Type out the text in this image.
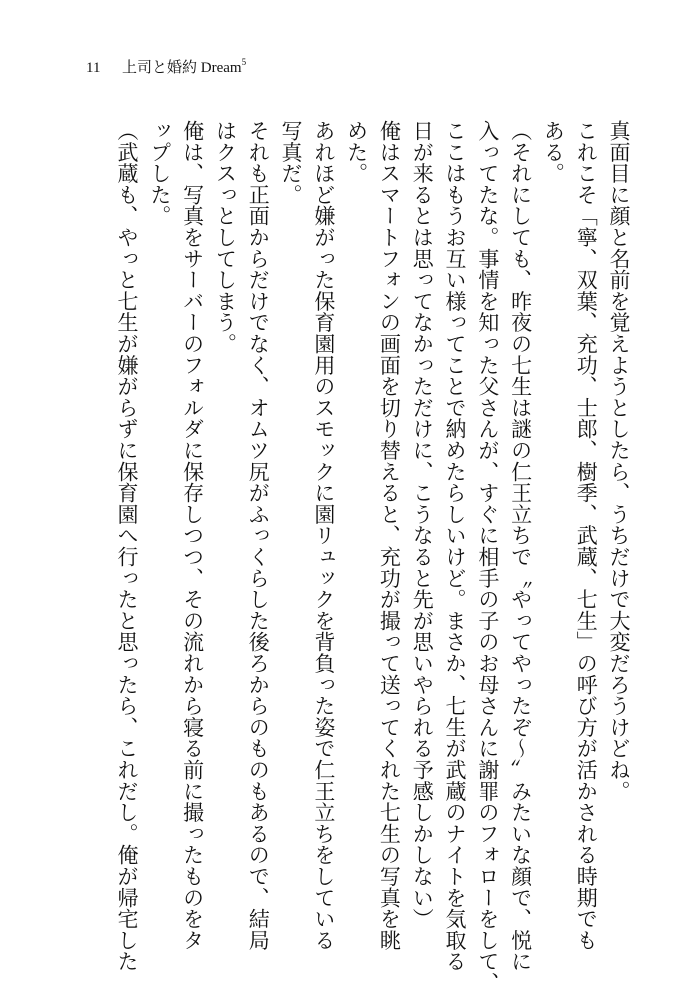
11 上司と婚約 Dream$^5$
真面目に顔と名前を覚えようとしたら、うちだけで大変だろうけどね。
これこそ「寧、双葉、充功、士郎、樹季、武蔵、七生」の呼び方が活かされる時期でも
ある。
（それにしても、昨夜の七生は謎の仁王立ちで〝やってやったぞ～〟みたいな顔で、悦に
入ってたな。事情を知った父さんが、すぐに相手の子のお母さんに謝罪のフォローをして、
ここはもうお互い様ってことで納めたらしいけど。まさか、七生が武蔵のナイトを気取る
日が来るとは思ってなかっただけに、こうなると先が思いやられる予感しかしない）
俺はスマートフォンの画面を切り替えると、充功が撮って送ってくれた七生の写真を眺
めた。
あれほど嫌がった保育園用のスモックに園リュックを背負った姿で仁王立ちをしている
写真だ。
それも正面からだけでなく、オムツ尻がふっくらした後ろからのものもあるので、結局
はクスっとしてしまう。
俺は、写真をサーバーのフォルダに保存しつつ、その流れから寝る前に撮ったものをタ
ップした。
（武蔵も、やっと七生が嫌がらずに保育園へ行ったと思ったら、これだし。俺が帰宅した
